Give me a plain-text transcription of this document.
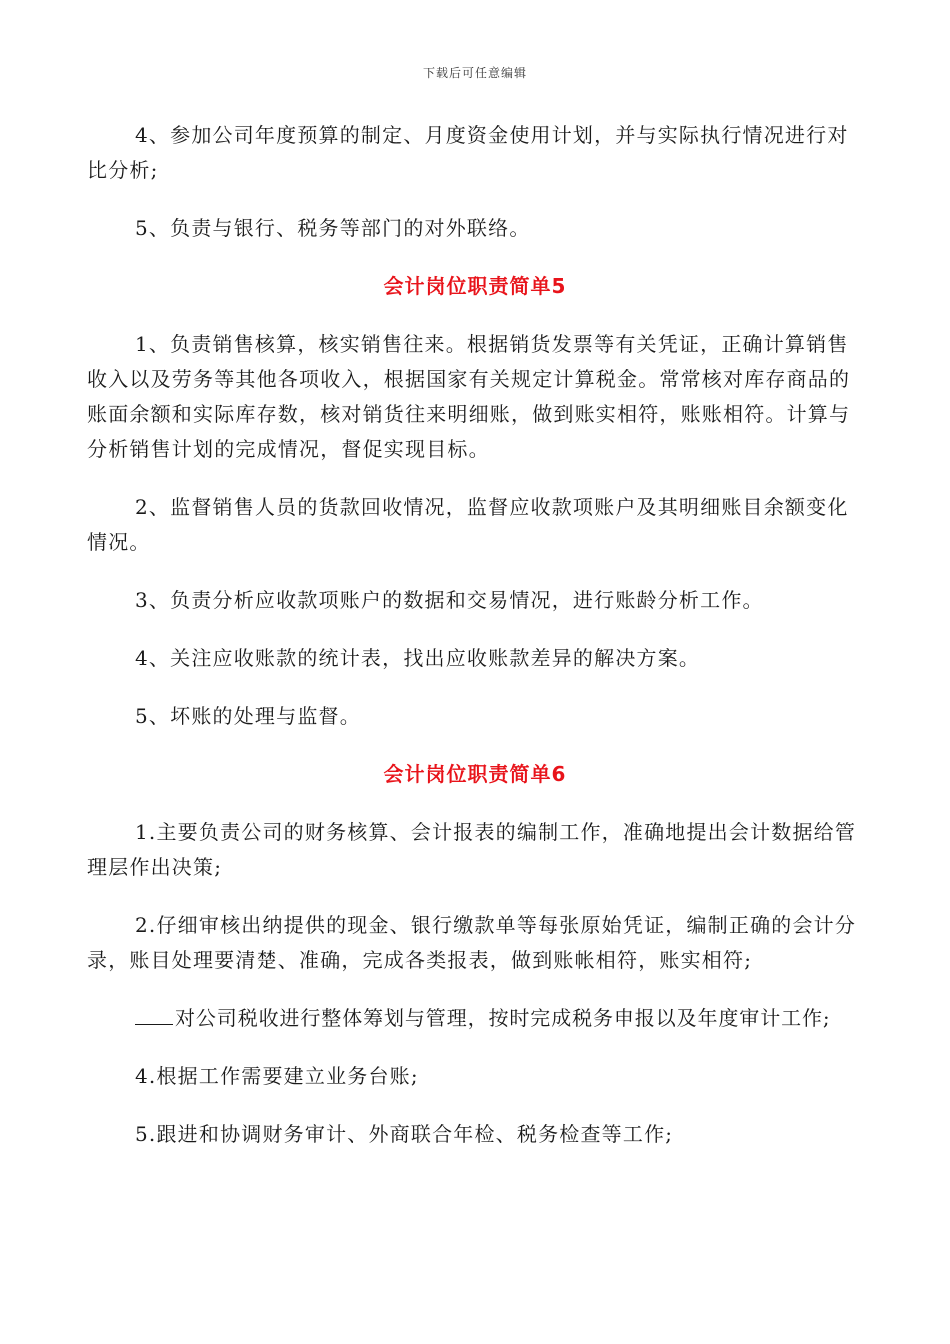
下载后可任意编辑

4、参加公司年度预算的制定、月度资金使用计划，并与实际执行情况进行对比分析;

5、负责与银行、税务等部门的对外联络。

会计岗位职责简单5

1、负责销售核算，核实销售往来。根据销货发票等有关凭证，正确计算销售收入以及劳务等其他各项收入，根据国家有关规定计算税金。常常核对库存商品的账面余额和实际库存数，核对销货往来明细账，做到账实相符，账账相符。计算与分析销售计划的完成情况，督促实现目标。

2、监督销售人员的货款回收情况，监督应收款项账户及其明细账目余额变化情况。

3、负责分析应收款项账户的数据和交易情况，进行账龄分析工作。

4、关注应收账款的统计表，找出应收账款差异的解决方案。

5、坏账的处理与监督。

会计岗位职责简单6

1.主要负责公司的财务核算、会计报表的编制工作，准确地提出会计数据给管理层作出决策;

2.仔细审核出纳提供的现金、银行缴款单等每张原始凭证，编制正确的会计分录，账目处理要清楚、准确，完成各类报表，做到账帐相符，账实相符;

对公司税收进行整体筹划与管理，按时完成税务申报以及年度审计工作;

4.根据工作需要建立业务台账;

5.跟进和协调财务审计、外商联合年检、税务检查等工作;
